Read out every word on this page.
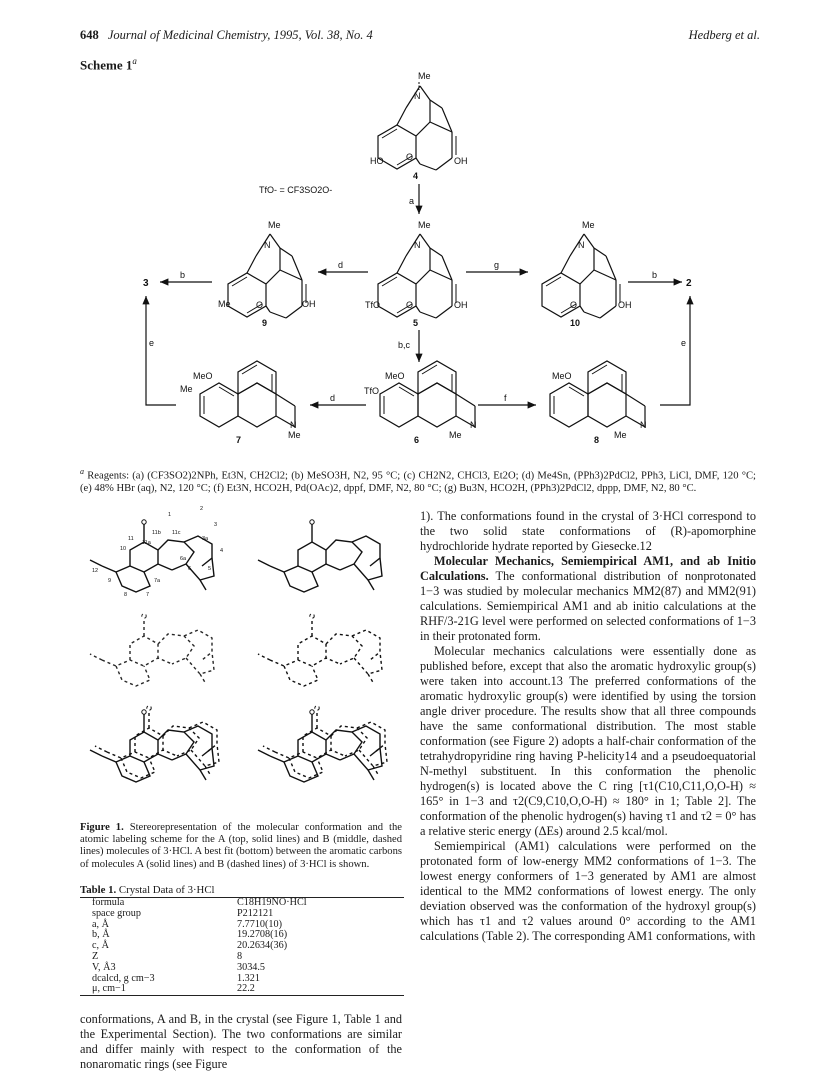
648 Journal of Medicinal Chemistry, 1995, Vol. 38, No. 4	Hedberg et al.
Scheme 1$^a$
Me
N
HO	O	OH
4
TfO- = CF3SO2O-
a
Me
N
Me	O	OH
9
Me
N
TfO	O	OH
5
Me
N
O	OH
10
d	g
b
3
b
2
b,c
MeO
Me
N
Me
7
MeO
TfO
N
Me
6
MeO
N
Me
8
d	f
e	e
$^a$ Reagents: (a) (CF3SO2)2NPh, Et3N, CH2Cl2; (b) MeSO3H, N2, 95 °C; (c) CH2N2, CHCl3, Et2O; (d) Me4Sn, (PPh3)2PdCl2, PPh3, LiCl, DMF, 120 °C; (e) 48% HBr (aq), N2, 120 °C; (f) Et3N, HCO2H, Pd(OAc)2, dppf, DMF, N2, 80 °C; (g) Bu3N, HCO2H, (PPh3)2PdCl2, dppp, DMF, N2, 80 °C.
1
2
3
3a
4
5
6
6a
7
7a
8
9
10
11
11a
11b 11c
12
Figure 1. Stereorepresentation of the molecular conformation and the atomic labeling scheme for the A (top, solid lines) and B (middle, dashed lines) molecules of 3·HCl. A best fit (bottom) between the aromatic carbons of molecules A (solid lines) and B (dashed lines) of 3·HCl is shown.
Table 1. Crystal Data of 3·HCl
formula	C18H19NO·HCl
space group	P212121
a, Å	7.7710(10)
b, Å	19.2708(16)
c, Å	20.2634(36)
Z	8
V, Å3	3034.5
dcalcd, g cm−3	1.321
μ, cm−1	22.2
conformations, A and B, in the crystal (see Figure 1, Table 1 and the Experimental Section). The two conformations are similar and differ mainly with respect to the conformation of the nonaromatic rings (see Figure

1). The conformations found in the crystal of 3·HCl correspond to the two solid state conformations of (R)-apomorphine hydrochloride hydrate reported by Giesecke.12

Molecular Mechanics, Semiempirical AM1, and ab Initio Calculations. The conformational distribution of nonprotonated 1−3 was studied by molecular mechanics MM2(87) and MM2(91) calculations. Semiempirical AM1 and ab initio calculations at the RHF/3-21G level were performed on selected conformations of 1−3 in their protonated form.

Molecular mechanics calculations were essentially done as published before, except that also the aromatic hydroxylic group(s) were taken into account.13 The preferred conformations of the aromatic hydroxylic group(s) were identified by using the torsion angle driver procedure. The results show that all three compounds have the same conformational distribution. The most stable conformation (see Figure 2) adopts a half-chair conformation of the tetrahydropyridine ring having P-helicity14 and a pseudoequatorial N-methyl substituent. In this conformation the phenolic hydrogen(s) is located above the C ring [τ1(C10,C11,O,O-H) ≈ 165° in 1−3 and τ2(C9,C10,O,O-H) ≈ 180° in 1; Table 2]. The conformation of the phenolic hydrogen(s) having τ1 and τ2 = 0° has a relative steric energy (ΔEs) around 2.5 kcal/mol.

Semiempirical (AM1) calculations were performed on the protonated form of low-energy MM2 conformations of 1−3. The lowest energy conformers of 1−3 generated by AM1 are almost identical to the MM2 conformations of lowest energy. The only deviation observed was the conformation of the hydroxyl group(s) which has τ1 and τ2 values around 0° according to the AM1 calculations (Table 2). The corresponding AM1 conformations, with
